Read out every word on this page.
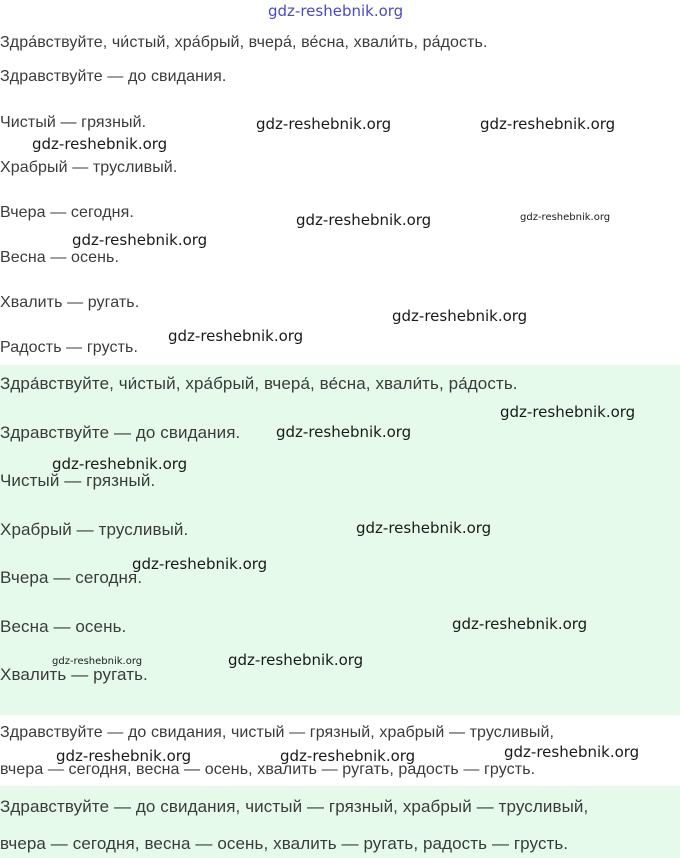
gdz-reshebnik.org
Здра́вствуйте, чи́стый, хра́брый, вчера́, ве́сна, хвали́ть, ра́дость.
Здравствуйте — до свидания.
Чистый — грязный.
Храбрый — трусливый.
Вчера — сегодня.
Весна — осень.
Хвалить — ругать.
Радость — грусть.
Здра́вствуйте, чи́стый, хра́брый, вчера́, ве́сна, хвали́ть, ра́дость.
Здравствуйте — до свидания.
Чистый — грязный.
Храбрый — трусливый.
Вчера — сегодня.
Весна — осень.
Хвалить — ругать.
Здравствуйте — до свидания, чистый — грязный, храбрый — трусливый,
вчера — сегодня, весна — осень, хвалить — ругать, радость — грусть.
Здравствуйте — до свидания, чистый — грязный, храбрый — трусливый,
вчера — сегодня, весна — осень, хвалить — ругать, радость — грусть.
gdz-reshebnik.org	gdz-reshebnik.org
gdz-reshebnik.org
gdz-reshebnik.org	gdz-reshebnik.org
gdz-reshebnik.org
gdz-reshebnik.org
gdz-reshebnik.org
gdz-reshebnik.org
gdz-reshebnik.org
gdz-reshebnik.org
gdz-reshebnik.org
gdz-reshebnik.org
gdz-reshebnik.org
gdz-reshebnik.org
gdz-reshebnik.org
gdz-reshebnik.org
gdz-reshebnik.org	gdz-reshebnik.org
